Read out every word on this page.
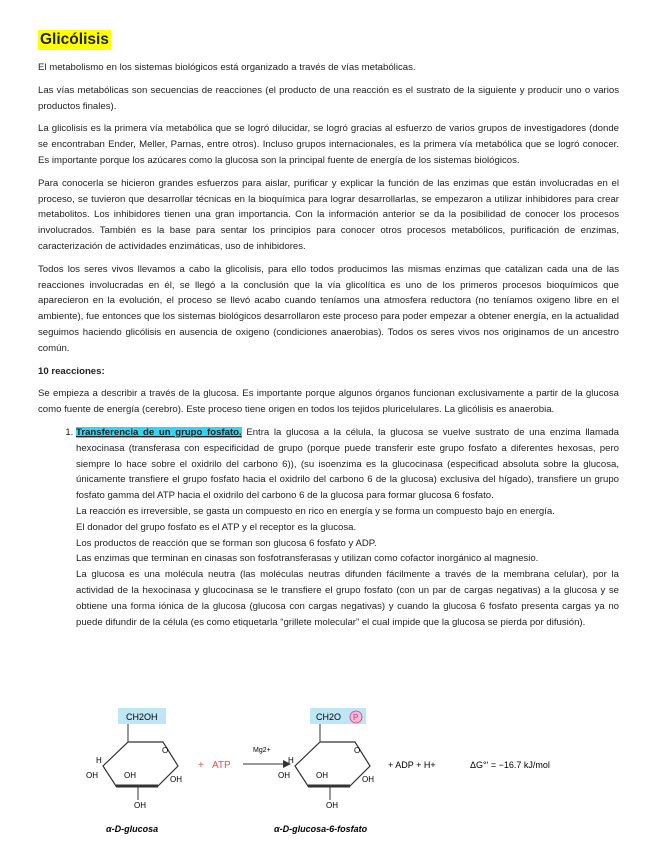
Glicólisis

El metabolismo en los sistemas biológicos está organizado a través de vías metabólicas.

Las vías metabólicas son secuencias de reacciones (el producto de una reacción es el sustrato de la siguiente y producir uno o varios productos finales).

La glicolisis es la primera vía metabólica que se logró dilucidar, se logró gracias al esfuerzo de varios grupos de investigadores (donde se encontraban Ender, Meller, Parnas, entre otros). Incluso grupos internacionales, es la primera vía metabólica que se logró conocer. Es importante porque los azúcares como la glucosa son la principal fuente de energía de los sistemas biológicos.

Para conocerla se hicieron grandes esfuerzos para aislar, purificar y explicar la función de las enzimas que están involucradas en el proceso, se tuvieron que desarrollar técnicas en la bioquímica para lograr desarrollarlas, se empezaron a utilizar inhibidores para crear metabolitos. Los inhibidores tienen una gran importancia. Con la información anterior se da la posibilidad de conocer los procesos involucrados. También es la base para sentar los principios para conocer otros procesos metabólicos, purificación de enzimas, caracterización de actividades enzimáticas, uso de inhibidores.

Todos los seres vivos llevamos a cabo la glicolisis, para ello todos producimos las mismas enzimas que catalizan cada una de las reacciones involucradas en él, se llegó a la conclusión que la vía glicolítica es uno de los primeros procesos bioquímicos que aparecieron en la evolución, el proceso se llevó acabo cuando teníamos una atmosfera reductora (no teníamos oxigeno libre en el ambiente), fue entonces que los sistemas biológicos desarrollaron este proceso para poder empezar a obtener energía, en la actualidad seguimos haciendo glicólisis en ausencia de oxigeno (condiciones anaerobias). Todos os seres vivos nos originamos de un ancestro común.

10 reacciones:

Se empieza a describir a través de la glucosa. Es importante porque algunos órganos funcionan exclusivamente a partir de la glucosa como fuente de energía (cerebro). Este proceso tiene origen en todos los tejidos pluricelulares. La glicólisis es anaerobia.

1. Transferencia de un grupo fosfato. Entra la glucosa a la célula, la glucosa se vuelve sustrato de una enzima llamada hexocinasa (transferasa con especificidad de grupo (porque puede transferir este grupo fosfato a diferentes hexosas, pero siempre lo hace sobre el oxidrilo del carbono 6)), (su isoenzima es la glucocinasa (especificad absoluta sobre la glucosa, únicamente transfiere el grupo fosfato hacia el oxidrilo del carbono 6 de la glucosa) exclusiva del hígado), transfiere un grupo fosfato gamma del ATP hacia el oxidrilo del carbono 6 de la glucosa para formar glucosa 6 fosfato.
La reacción es irreversible, se gasta un compuesto en rico en energía y se forma un compuesto bajo en energía.
El donador del grupo fosfato es el ATP y el receptor es la glucosa.
Los productos de reacción que se forman son glucosa 6 fosfato y ADP.
Las enzimas que terminan en cinasas son fosfotransferasas y utilizan como cofactor inorgánico al magnesio.
La glucosa es una molécula neutra (las moléculas neutras difunden fácilmente a través de la membrana celular), por la actividad de la hexocinasa y glucocinasa se le transfiere el grupo fosfato (con un par de cargas negativas) a la glucosa y se obtiene una forma iónica de la glucosa (glucosa con cargas negativas) y cuando la glucosa 6 fosfato presenta cargas ya no puede difundir de la célula (es como etiquetarla “grillete molecular” el cual impide que la glucosa se pierda por difusión).
CH2OH
O
H
OH	OH	OH
OH
α-D-glucosa
+ ATP
Mg2+
CH2O P
O
H
OH	OH	OH
OH
α-D-glucosa-6-fosfato
+ ADP + H+	ΔG°' = −16.7 kJ/mol
